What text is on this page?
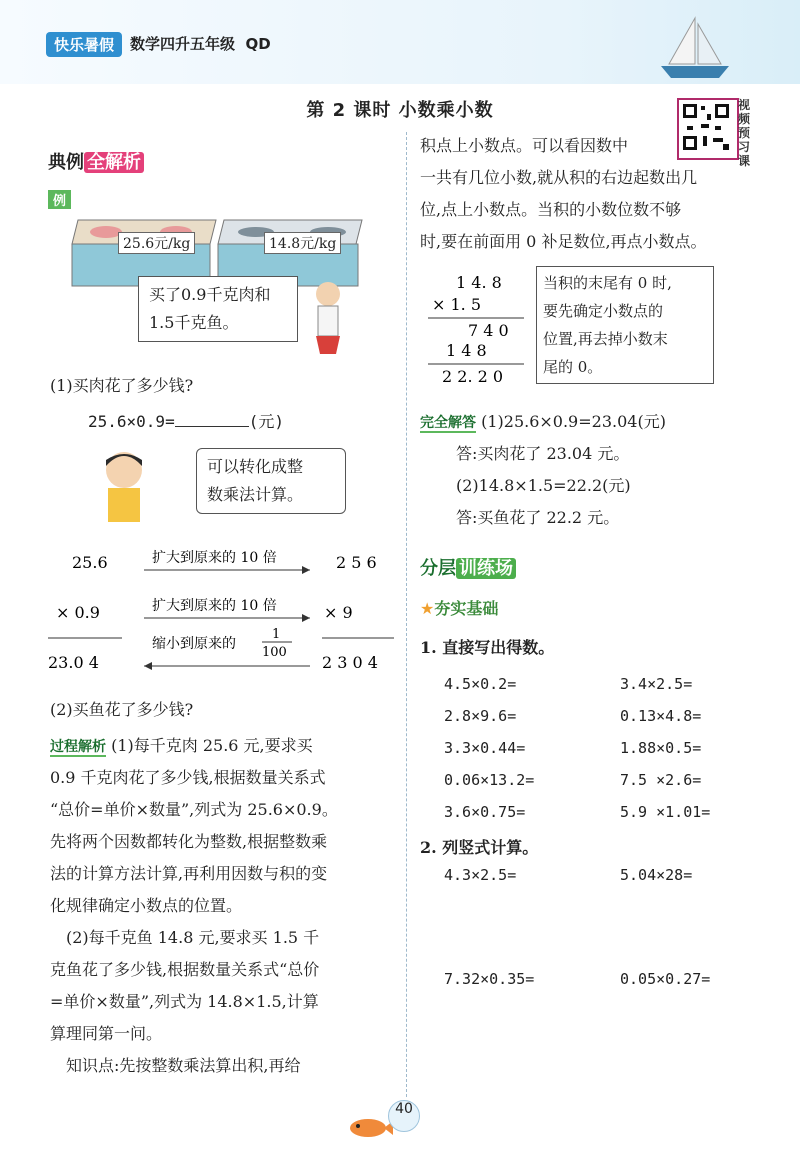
快乐暑假	数学四升五年级 QD
第 2 课时 小数乘小数	视频预习课
典例 全解析
例
25.6元/kg	14.8元/kg
买了0.9千克肉和
1.5千克鱼。
(1)买肉花了多少钱?
25.6×0.9=	(元)
可以转化成整
数乘法计算。
25.6
× 0.9
23.0 4
2 5 6
× 9
2 3 0 4
扩大到原来的 10 倍
扩大到原来的 10 倍
缩小到原来的
1
100
(2)买鱼花了多少钱?
过程解析 (1)每千克肉 25.6 元,要求买
0.9 千克肉花了多少钱,根据数量关系式
“总价=单价×数量”,列式为 25.6×0.9。
先将两个因数都转化为整数,根据整数乘
法的计算方法计算,再利用因数与积的变
化规律确定小数点的位置。
　(2)每千克鱼 14.8 元,要求买 1.5 千
克鱼花了多少钱,根据数量关系式“总价
=单价×数量”,列式为 14.8×1.5,计算
算理同第一问。
　知识点:先按整数乘法算出积,再给
积点上小数点。可以看因数中
一共有几位小数,就从积的右边起数出几
位,点上小数点。当积的小数位数不够
时,要在前面用 0 补足数位,再点小数点。
1 4. 8
× 1. 5
7 4 0
1 4 8
2 2. 2 0
当积的末尾有 0 时,
要先确定小数点的
位置,再去掉小数末
尾的 0。
完全解答 (1)25.6×0.9=23.04(元)
答:买肉花了 23.04 元。
(2)14.8×1.5=22.2(元)
答:买鱼花了 22.2 元。
分层 训练场
★夯实基础
1. 直接写出得数。
4.5×0.2=	3.4×2.5=
2.8×9.6=	0.13×4.8=
3.3×0.44=	1.88×0.5=
0.06×13.2=	7.5 ×2.6=
3.6×0.75=	5.9 ×1.01=
2. 列竖式计算。
4.3×2.5=	5.04×28=
7.32×0.35=	0.05×0.27=
40
